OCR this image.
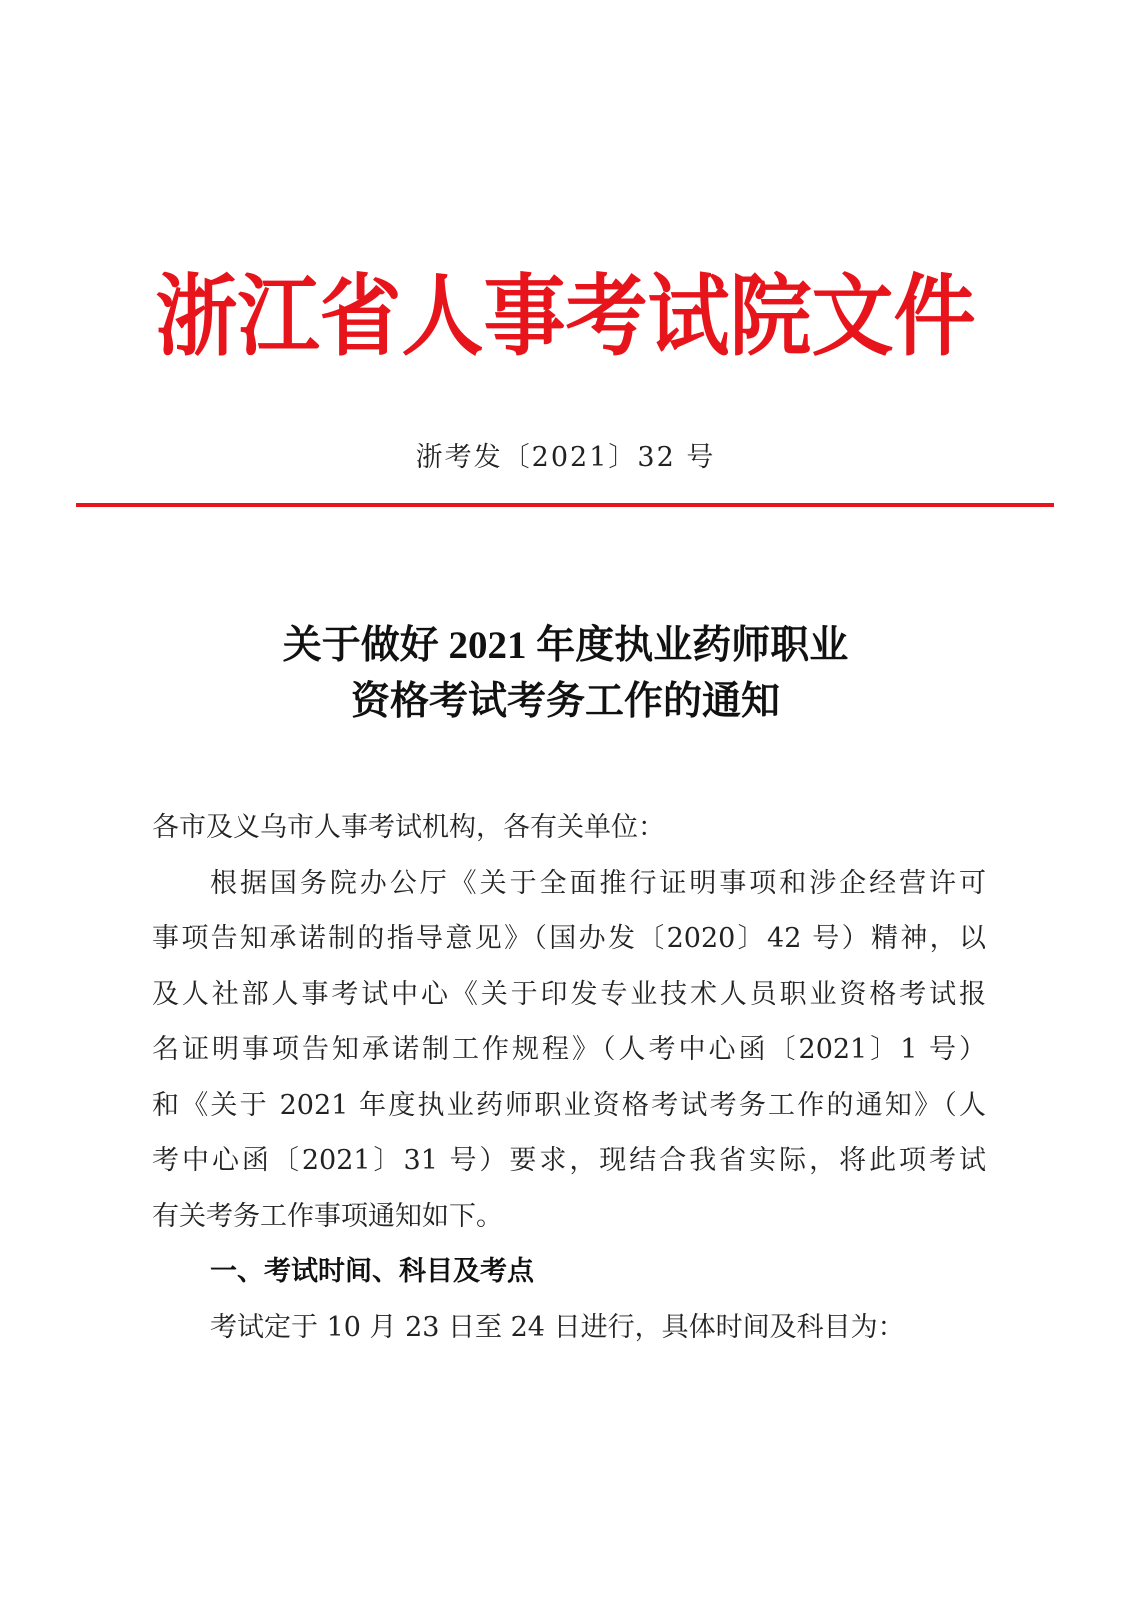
浙江省人事考试院文件
浙考发〔2021〕32 号
关于做好 2021 年度执业药师职业
资格考试考务工作的通知
各市及义乌市人事考试机构，各有关单位：
根据国务院办公厅《关于全面推行证明事项和涉企经营许可
事项告知承诺制的指导意见》（国办发〔2020〕42 号）精神，以
及人社部人事考试中心《关于印发专业技术人员职业资格考试报
名证明事项告知承诺制工作规程》（人考中心函〔2021〕1 号）
和《关于 2021 年度执业药师职业资格考试考务工作的通知》（人
考中心函〔2021〕31 号）要求，现结合我省实际，将此项考试
有关考务工作事项通知如下。
一、考试时间、科目及考点
考试定于 10 月 23 日至 24 日进行，具体时间及科目为：
